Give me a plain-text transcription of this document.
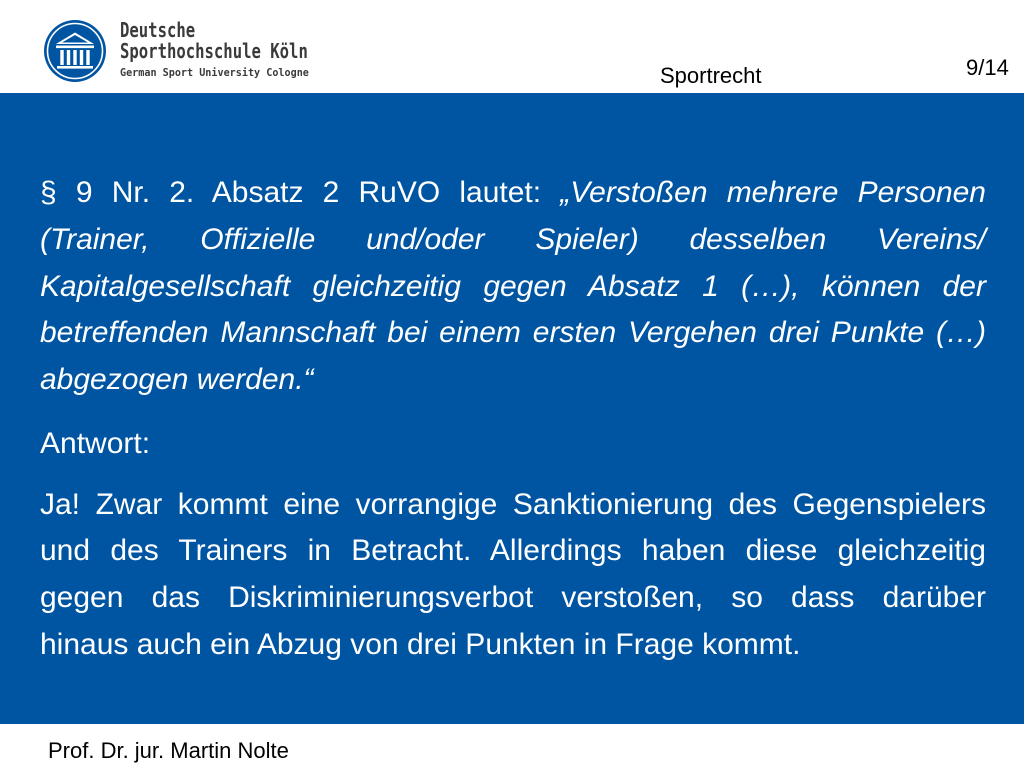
Deutsche
Sporthochschule Köln
German Sport University Cologne	Sportrecht	9/14
§ 9 Nr. 2. Absatz 2 RuVO lautet: „Verstoßen mehrere Personen
(Trainer, Offizielle und/oder Spieler) desselben Vereins/
Kapitalgesellschaft gleichzeitig gegen Absatz 1 (…), können der
betreffenden Mannschaft bei einem ersten Vergehen drei Punkte (…)
abgezogen werden.“
Antwort:
Ja! Zwar kommt eine vorrangige Sanktionierung des Gegenspielers
und des Trainers in Betracht. Allerdings haben diese gleichzeitig
gegen das Diskriminierungsverbot verstoßen, so dass darüber
hinaus auch ein Abzug von drei Punkten in Frage kommt.
Prof. Dr. jur. Martin Nolte
